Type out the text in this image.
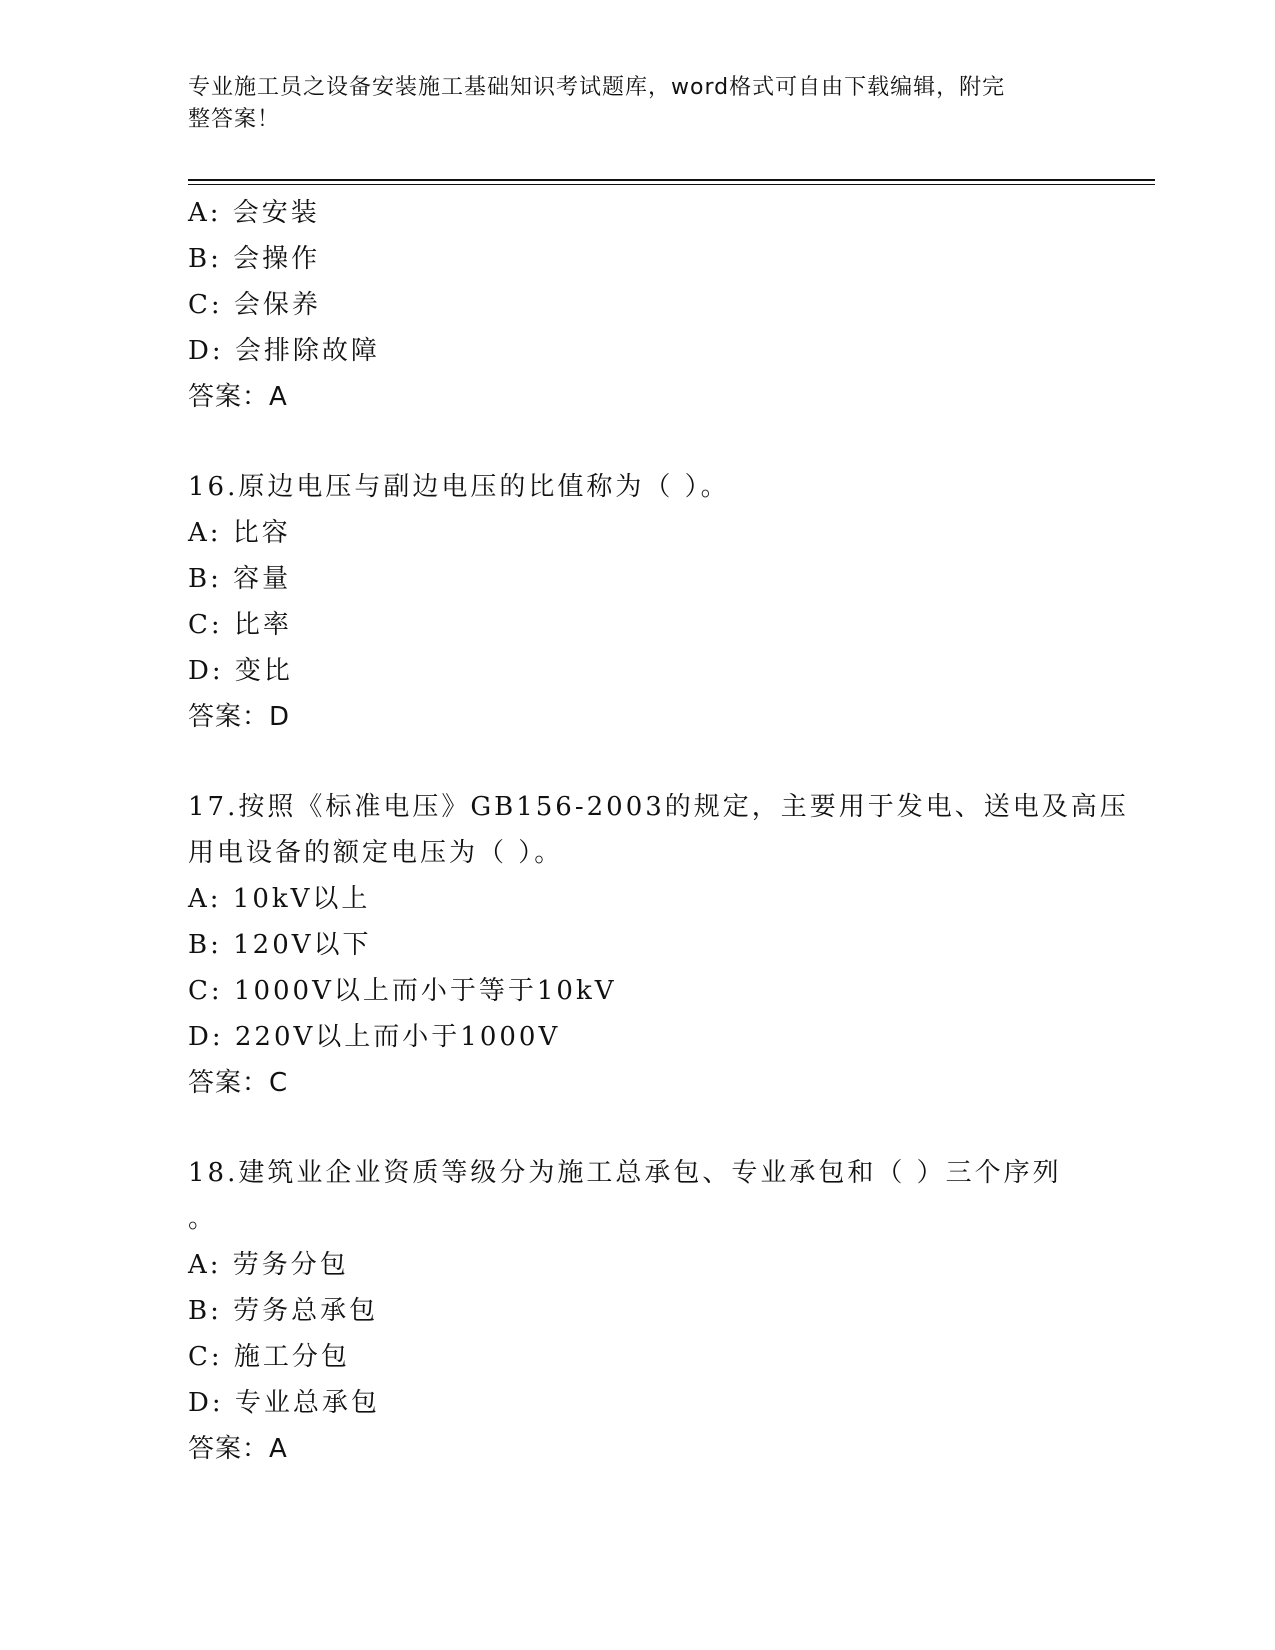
专业施工员之设备安装施工基础知识考试题库，word格式可自由下载编辑，附完
整答案！
A: 会安装
B: 会操作
C: 会保养
D: 会排除故障
答案：A
16.原边电压与副边电压的比值称为（ ）。
A: 比容
B: 容量
C: 比率
D: 变比
答案：D
17.按照《标准电压》GB156-2003的规定，主要用于发电、送电及高压
用电设备的额定电压为（ ）。
A: 10kV以上
B: 120V以下
C: 1000V以上而小于等于10kV
D: 220V以上而小于1000V
答案：C
18.建筑业企业资质等级分为施工总承包、专业承包和（ ）三个序列
。
A: 劳务分包
B: 劳务总承包
C: 施工分包
D: 专业总承包
答案：A
